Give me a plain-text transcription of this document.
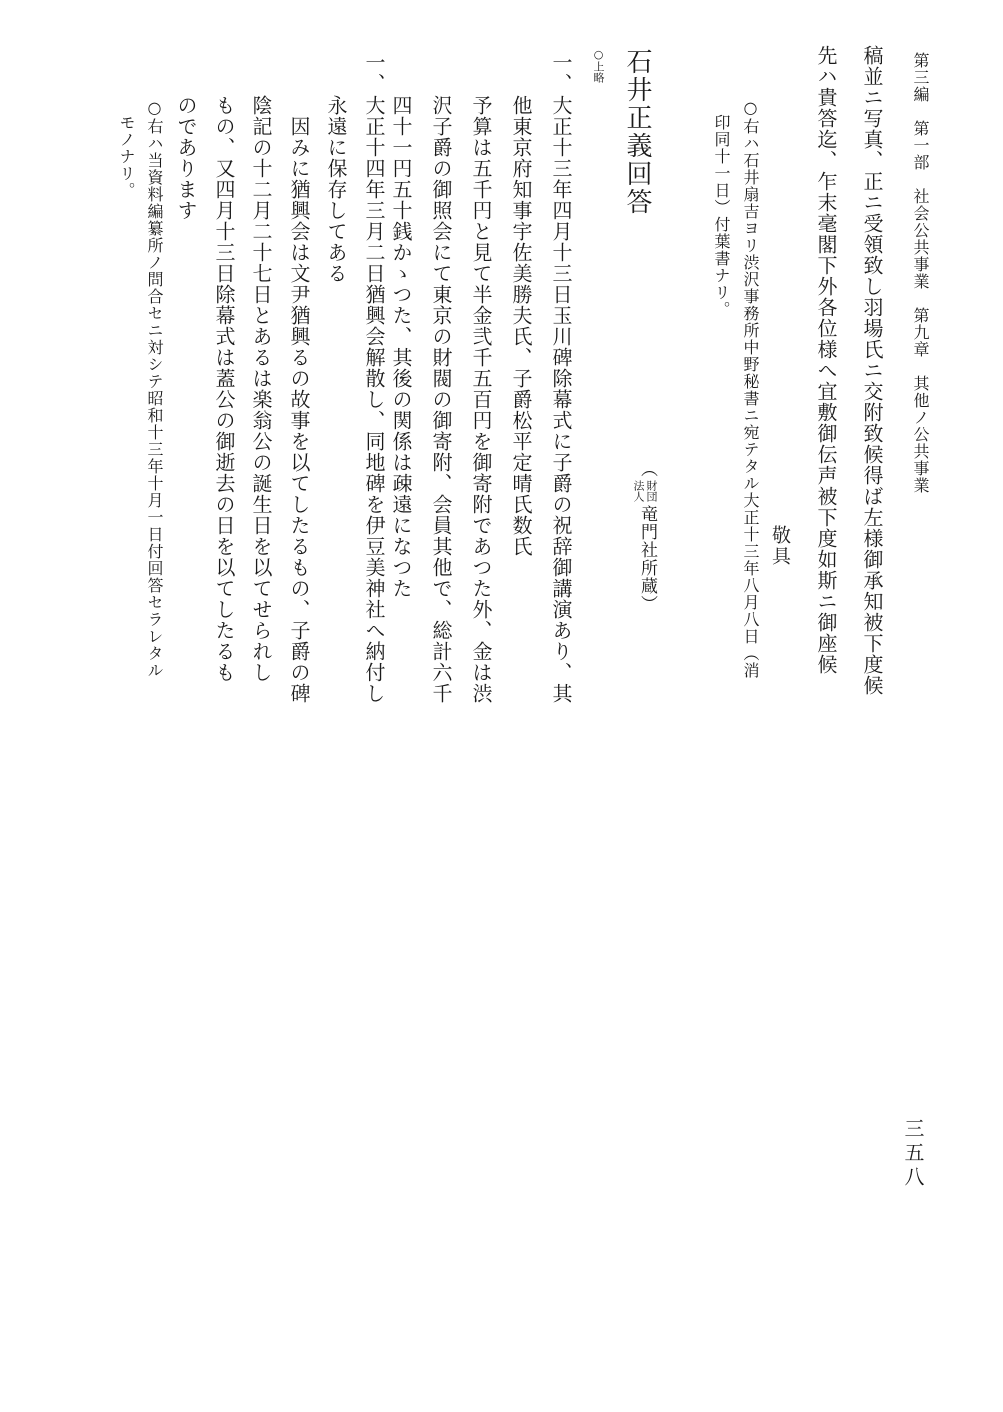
第三編　第一部　社会公共事業　第九章　其他ノ公共事業
稿並ニ写真、正ニ受領致し羽場氏ニ交附致候得ば左様御承知被下度候
先ハ貴答迄、乍末毫閣下外各位様へ宜敷御伝声被下度如斯ニ御座候
敬具
○右ハ石井扇吉ヨリ渋沢事務所中野秘書ニ宛テタル大正十三年八月八日（消
印同十一日）付葉書ナリ。
石井正義回答
（
財団
法人
竜門社所蔵）
○上略
一、
大正十三年四月十三日玉川碑除幕式に子爵の祝辞御講演あり、其
他東京府知事宇佐美勝夫氏、子爵松平定晴氏数氏
予算は五千円と見て半金弐千五百円を御寄附であつた外、金は渋
沢子爵の御照会にて東京の財閥の御寄附、会員其他で、総計六千
四十一円五十銭かゝつた、其後の関係は疎遠になつた
一、
大正十四年三月二日猶興会解散し、同地碑を伊豆美神社へ納付し
永遠に保存してある
因みに猶興会は文尹猶興るの故事を以てしたるもの、子爵の碑
陰記の十二月二十七日とあるは楽翁公の誕生日を以てせられし
もの、又四月十三日除幕式は蓋公の御逝去の日を以てしたるも
のであります
○右ハ当資料編纂所ノ問合セニ対シテ昭和十三年十月一日付回答セラレタル
モノナリ。
三五八
